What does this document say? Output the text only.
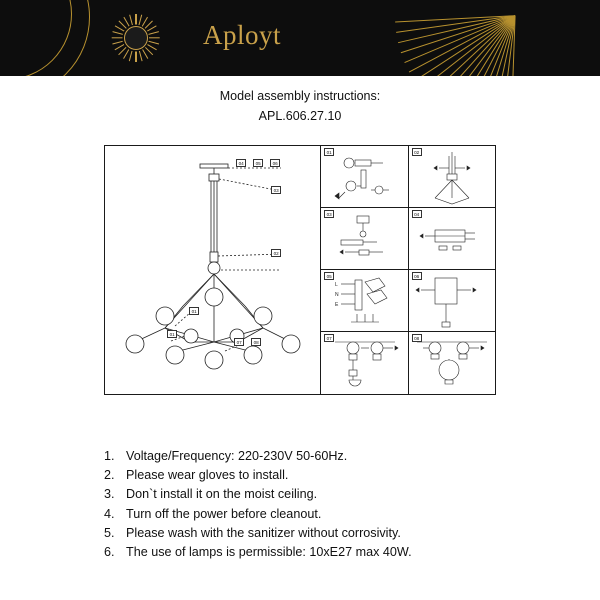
Aployt
Model assembly instructions:
APL.606.27.10
04	05	06
03
02
01
01
07	08
01	02
03	04
05
L
N
E
06
07	08
1. Voltage/Frequency: 220-230V 50-60Hz.
2. Please wear gloves to install.
3. Don`t install it on the moist ceiling.
4. Turn off the power before cleanout.
5. Please wash with the sanitizer without corrosivity.
6. The use of lamps is permissible: 10xE27 max 40W.
